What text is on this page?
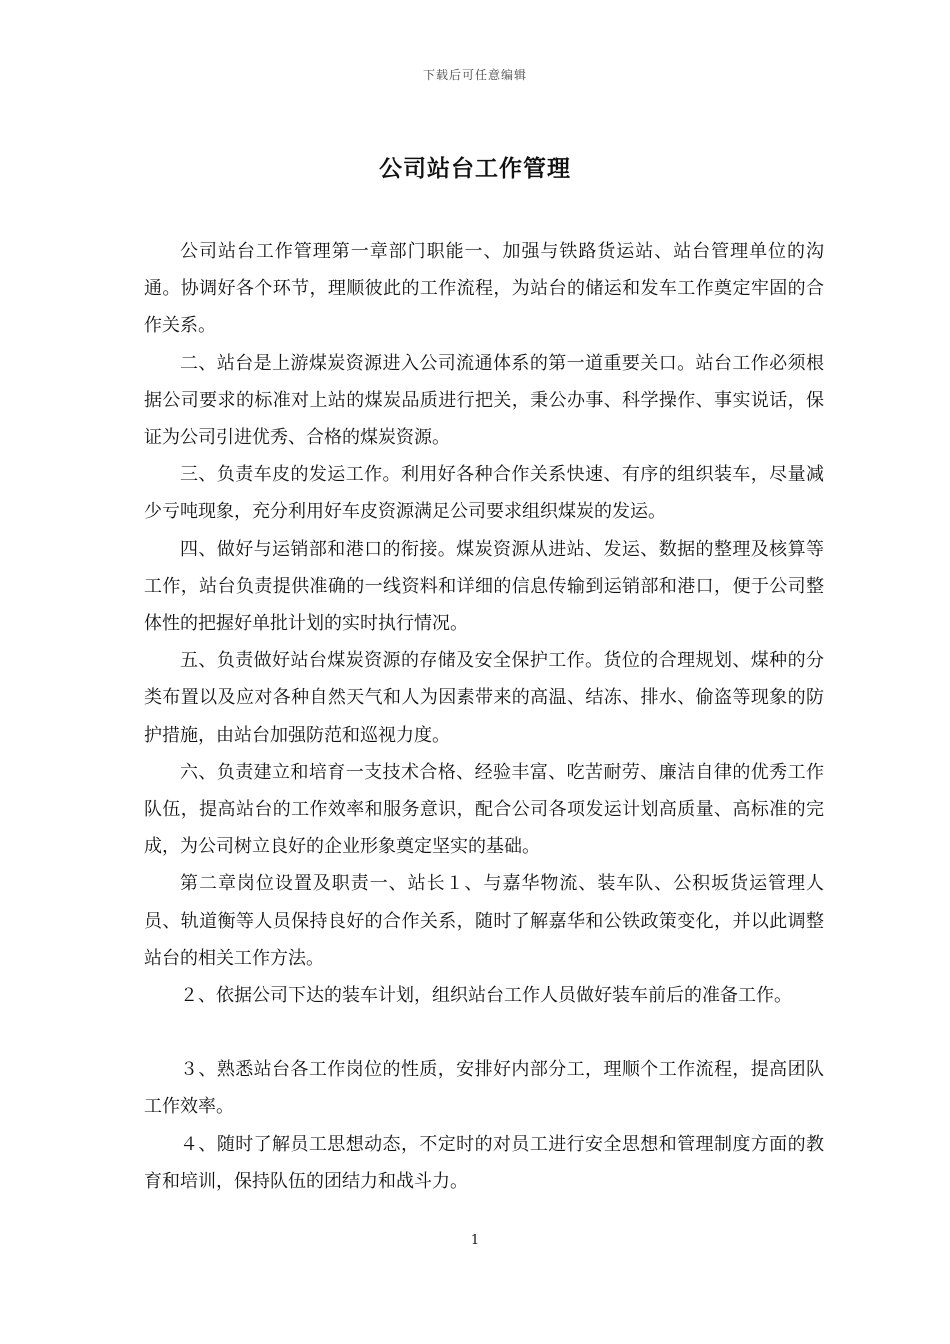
下载后可任意编辑
公司站台工作管理

公司站台工作管理第一章部门职能一、加强与铁路货运站、站台管理单位的沟通。协调好各个环节，理顺彼此的工作流程，为站台的储运和发车工作奠定牢固的合作关系。

二、站台是上游煤炭资源进入公司流通体系的第一道重要关口。站台工作必须根据公司要求的标准对上站的煤炭品质进行把关，秉公办事、科学操作、事实说话，保证为公司引进优秀、合格的煤炭资源。

三、负责车皮的发运工作。利用好各种合作关系快速、有序的组织装车，尽量减少亏吨现象，充分利用好车皮资源满足公司要求组织煤炭的发运。

四、做好与运销部和港口的衔接。煤炭资源从进站、发运、数据的整理及核算等工作，站台负责提供准确的一线资料和详细的信息传输到运销部和港口，便于公司整体性的把握好单批计划的实时执行情况。

五、负责做好站台煤炭资源的存储及安全保护工作。货位的合理规划、煤种的分类布置以及应对各种自然天气和人为因素带来的高温、结冻、排水、偷盗等现象的防护措施，由站台加强防范和巡视力度。

六、负责建立和培育一支技术合格、经验丰富、吃苦耐劳、廉洁自律的优秀工作队伍，提高站台的工作效率和服务意识，配合公司各项发运计划高质量、高标准的完成，为公司树立良好的企业形象奠定坚实的基础。

第二章岗位设置及职责一、站长１、与嘉华物流、装车队、公积坂货运管理人员、轨道衡等人员保持良好的合作关系，随时了解嘉华和公铁政策变化，并以此调整站台的相关工作方法。

２、依据公司下达的装车计划，组织站台工作人员做好装车前后的准备工作。

３、熟悉站台各工作岗位的性质，安排好内部分工，理顺个工作流程，提高团队工作效率。

４、随时了解员工思想动态，不定时的对员工进行安全思想和管理制度方面的教育和培训，保持队伍的团结力和战斗力。

1
